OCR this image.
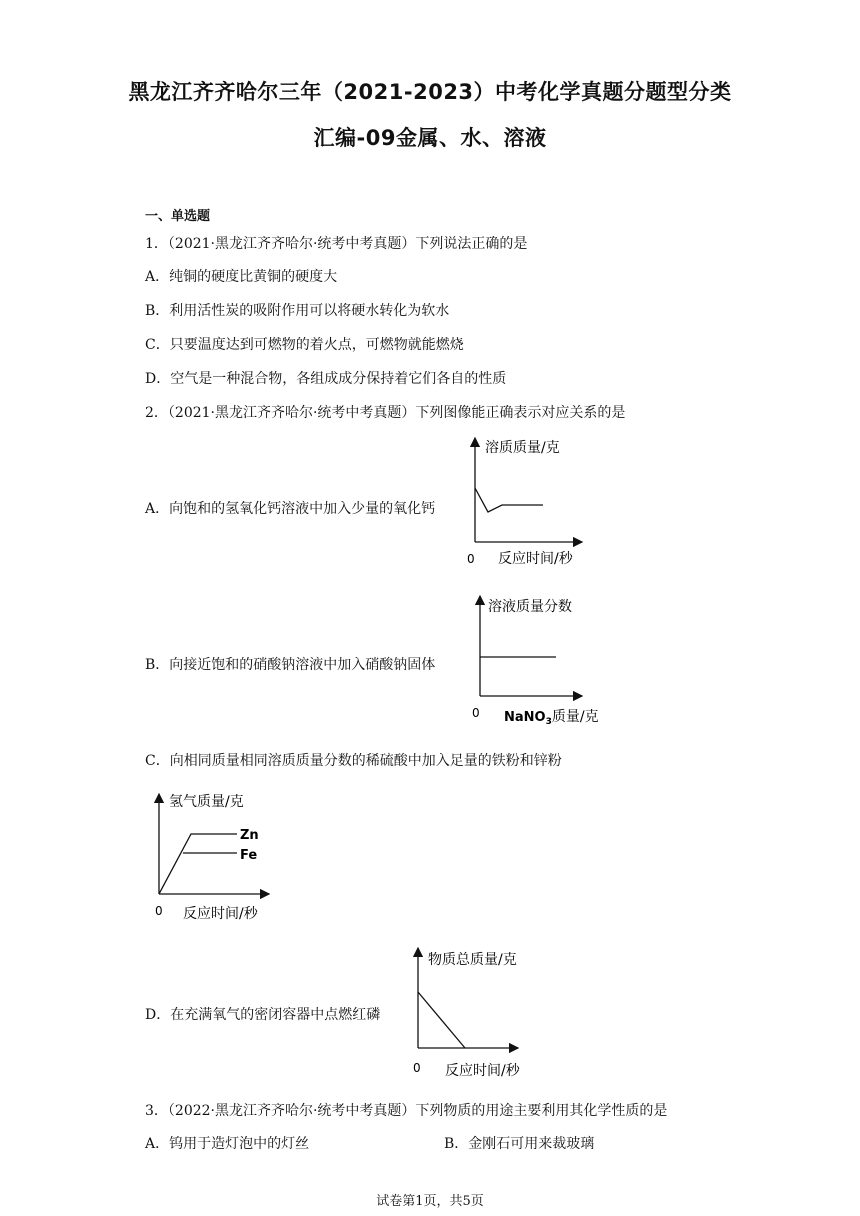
黑龙江齐齐哈尔三年（2021-2023）中考化学真题分题型分类
汇编-09金属、水、溶液
一、单选题
1．（2021·黑龙江齐齐哈尔·统考中考真题）下列说法正确的是
A．纯铜的硬度比黄铜的硬度大
B．利用活性炭的吸附作用可以将硬水转化为软水
C．只要温度达到可燃物的着火点，可燃物就能燃烧
D．空气是一种混合物，各组成成分保持着它们各自的性质
2．（2021·黑龙江齐齐哈尔·统考中考真题）下列图像能正确表示对应关系的是
A．向饱和的氢氧化钙溶液中加入少量的氧化钙
溶质质量/克
0 反应时间/秒
B．向接近饱和的硝酸钠溶液中加入硝酸钠固体
溶液质量分数
0 NaNO$_3$质量/克
C．向相同质量相同溶质质量分数的稀硫酸中加入足量的铁粉和锌粉
氢气质量/克
Zn
Fe
0 反应时间/秒
D．在充满氧气的密闭容器中点燃红磷
物质总质量/克
0 反应时间/秒
3．（2022·黑龙江齐齐哈尔·统考中考真题）下列物质的用途主要利用其化学性质的是
A．钨用于造灯泡中的灯丝	B．金刚石可用来裁玻璃
试卷第1页，共5页
